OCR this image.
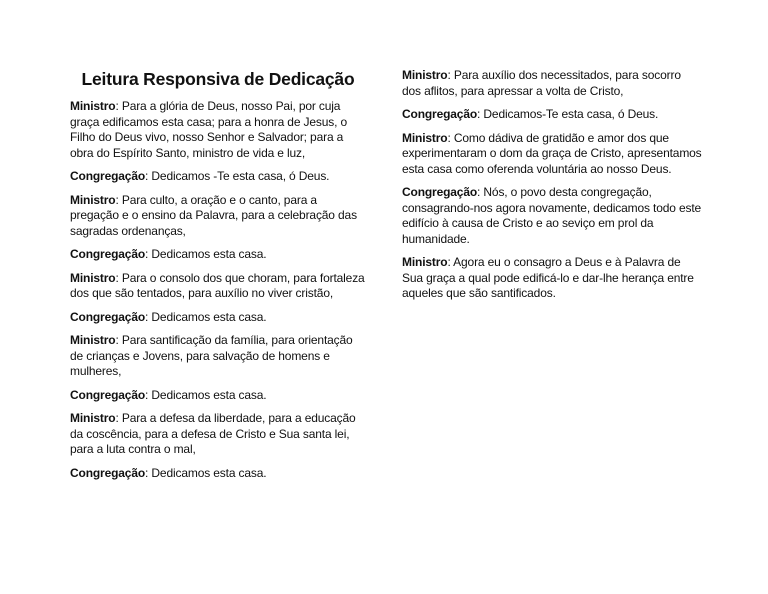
Leitura Responsiva de Dedicação

Ministro: Para a glória de Deus, nosso Pai, por cuja graça edificamos esta casa; para a honra de Jesus, o Filho do Deus vivo, nosso Senhor e Salvador; para a obra do Espírito Santo, ministro de vida e luz,

Congregação: Dedicamos -Te esta casa, ó Deus.

Ministro: Para culto, a oração e o canto, para a pregação e o ensino da Palavra, para a celebração das sagradas ordenanças,

Congregação: Dedicamos esta casa.

Ministro: Para o consolo dos que choram, para fortaleza dos que são tentados, para auxílio no viver cristão,

Congregação: Dedicamos esta casa.

Ministro: Para santificação da família, para orientação de crianças e Jovens, para salvação de homens e mulheres,

Congregação: Dedicamos esta casa.

Ministro: Para a defesa da liberdade, para a educação da coscência, para a defesa de Cristo e Sua santa lei, para a luta contra o mal,

Congregação: Dedicamos esta casa.

Ministro: Para auxílio dos necessitados, para socorro dos aflitos, para apressar a volta de Cristo,

Congregação: Dedicamos-Te esta casa, ó Deus.

Ministro: Como dádiva de gratidão e amor dos que experimentaram o dom da graça de Cristo, apresentamos esta casa como oferenda voluntária ao nosso Deus.

Congregação: Nós, o povo desta congregação, consagrando-nos agora novamente, dedicamos todo este edifício à causa de Cristo e ao seviço em prol da humanidade.

Ministro: Agora eu o consagro a Deus e à Palavra de Sua graça a qual pode edificá-lo e dar-lhe herança entre aqueles que são santificados.
